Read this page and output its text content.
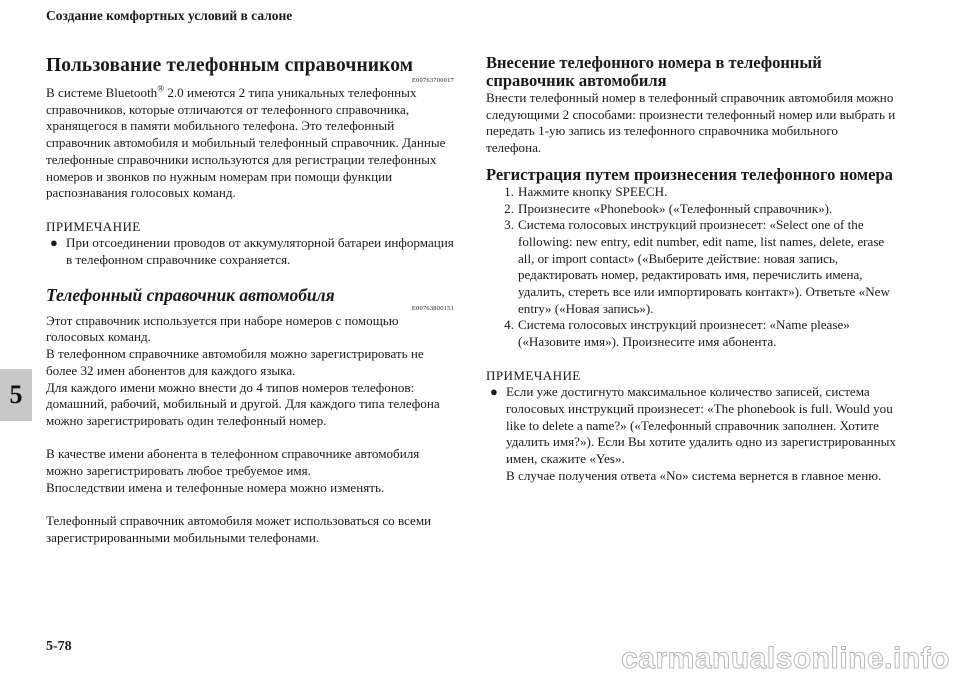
Создание комфортных условий в салоне
5
Пользование телефонным справочником
E00763700017

В системе Bluetooth® 2.0 имеются 2 типа уникальных телефонных справочников, которые отличаются от телефонного справочника, хранящегося в памяти мобильного телефона. Это телефонный справочник автомобиля и мобильный телефонный справочник. Данные телефонные справочники используются для регистрации телефонных номеров и звонков по нужным номерам при помощи функции распознавания голосовых команд.

ПРИМЕЧАНИЕ
● При отсоединении проводов от аккумуляторной батареи информация в телефонном справочнике сохраняется.
Телефонный справочник автомобиля
E00763800151

Этот справочник используется при наборе номеров с помощью голосовых команд.

В телефонном справочнике автомобиля можно зарегистрировать не более 32 имен абонентов для каждого языка.

Для каждого имени можно внести до 4 типов номеров телефонов: домашний, рабочий, мобильный и другой. Для каждого типа телефона можно зарегистрировать один телефонный номер.

В качестве имени абонента в телефонном справочнике автомобиля можно зарегистрировать любое требуемое имя.

Впоследствии имена и телефонные номера можно изменять.

Телефонный справочник автомобиля может использоваться со всеми зарегистрированными мобильными телефонами.

Внесение телефонного номера в телефонный справочник автомобиля

Внести телефонный номер в телефонный справочник автомобиля можно следующими 2 способами: произнести телефонный номер или выбрать и передать 1-ую запись из телефонного справочника мобильного телефона.

Регистрация путем произнесения телефонного номера
1. Нажмите кнопку SPEECH.
2. Произнесите «Phonebook» («Телефонный справочник»).
3. Система голосовых инструкций произнесет: «Select one of the following: new entry, edit number, edit name, list names, delete, erase all, or import contact» («Выберите действие: новая запись, редактировать номер, редактировать имя, перечислить имена, удалить, стереть все или импортировать контакт»). Ответьте «New entry» («Новая запись»).
4. Система голосовых инструкций произнесет: «Name please» («Назовите имя»). Произнесите имя абонента.
ПРИМЕЧАНИЕ
● Если уже достигнуто максимальное количество записей, система голосовых инструкций произнесет: «The phonebook is full. Would you like to delete a name?» («Телефонный справочник заполнен. Хотите удалить имя?»). Если Вы хотите удалить одно из зарегистрированных имен, скажите «Yes».
В случае получения ответа «No» система вернется в главное меню.
5-78	carmanualsonline.info
